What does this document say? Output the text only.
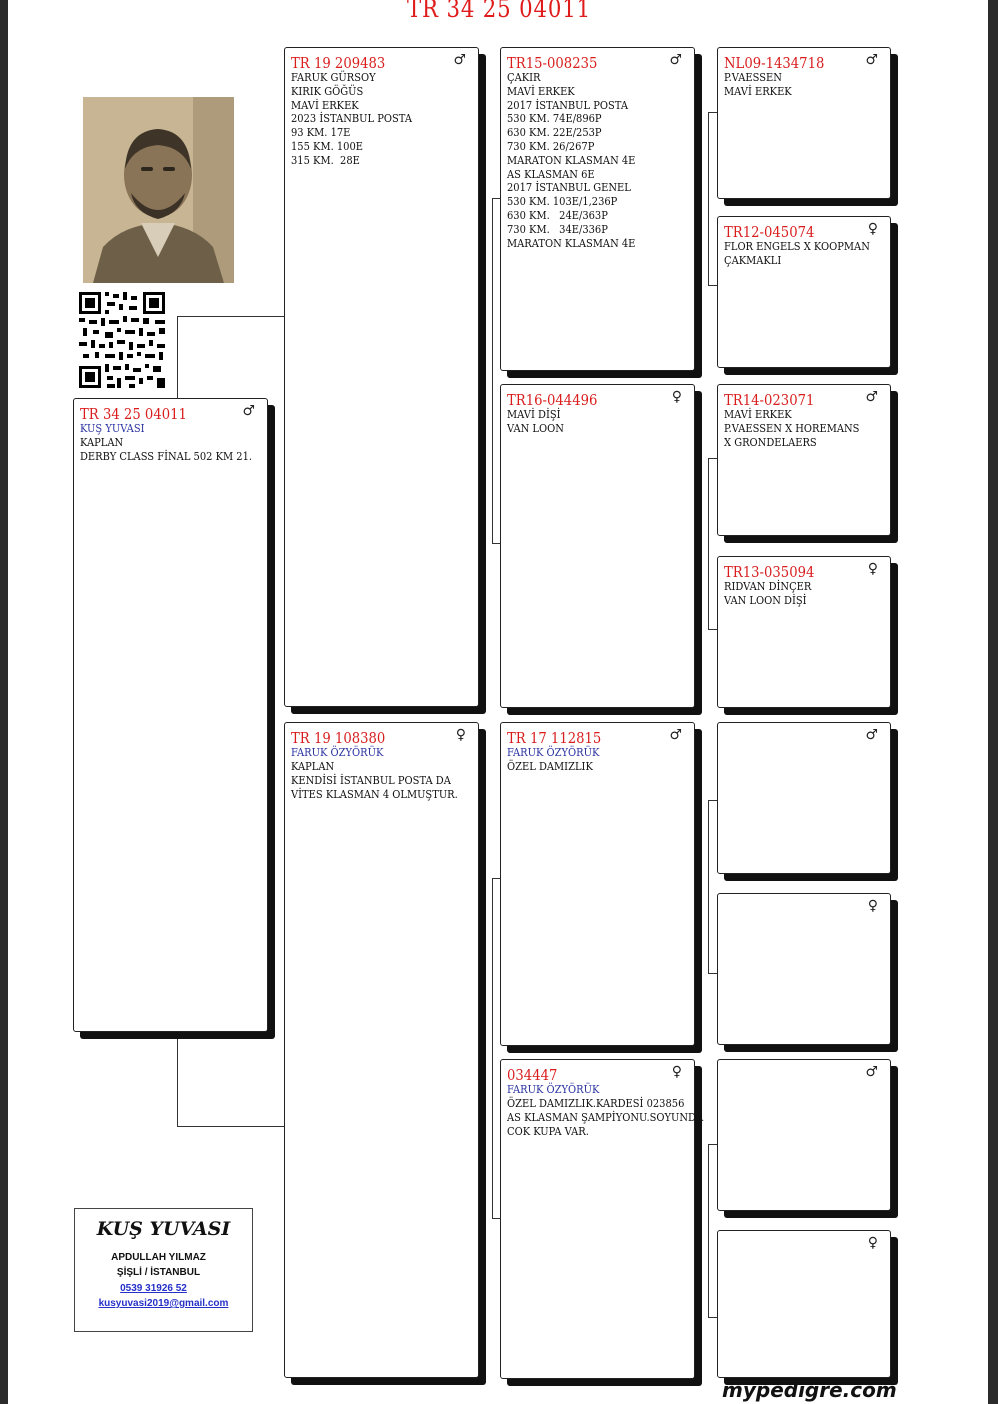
TR 34 25 04011
♂
TR 34 25 04011
KUŞ YUVASI
KAPLAN
DERBY CLASS FİNAL 502 KM 21.
♂
TR 19 209483
FARUK GÜRSOY
KIRIK GÖĞÜS
MAVİ ERKEK
2023 İSTANBUL POSTA
93 KM. 17E
155 KM. 100E
315 KM.  28E
♀
TR 19 108380
FARUK ÖZYÖRÜK
KAPLAN
KENDİSİ İSTANBUL POSTA DA
VİTES KLASMAN 4 OLMUŞTUR.
♂
TR15-008235
ÇAKIR
MAVİ ERKEK
2017 İSTANBUL POSTA
530 KM. 74E/896P
630 KM. 22E/253P
730 KM. 26/267P
MARATON KLASMAN 4E
AS KLASMAN 6E
2017 İSTANBUL GENEL
530 KM. 103E/1,236P
630 KM.   24E/363P
730 KM.   34E/336P
MARATON KLASMAN 4E
♀
TR16-044496
MAVİ DİŞİ
VAN LOON
♂
TR 17 112815
FARUK ÖZYÖRÜK
ÖZEL DAMIZLIK
♀
034447
FARUK ÖZYÖRÜK
ÖZEL DAMIZLIK.KARDESİ 023856
AS KLASMAN ŞAMPİYONU.SOYUNDA
COK KUPA VAR.
♂
NL09-1434718
P.VAESSEN
MAVİ ERKEK
♀
TR12-045074
FLOR ENGELS X KOOPMAN
ÇAKMAKLI
♂
TR14-023071
MAVİ ERKEK
P.VAESSEN X HOREMANS
X GRONDELAERS
♀
TR13-035094
RIDVAN DİNÇER
VAN LOON DİŞİ
♂
♀
♂
♀
KUŞ YUVASI
APDULLAH YILMAZ
ŞİŞLİ / İSTANBUL
0539 31926 52
kusyuvasi2019@gmail.com
mypedigre.com
